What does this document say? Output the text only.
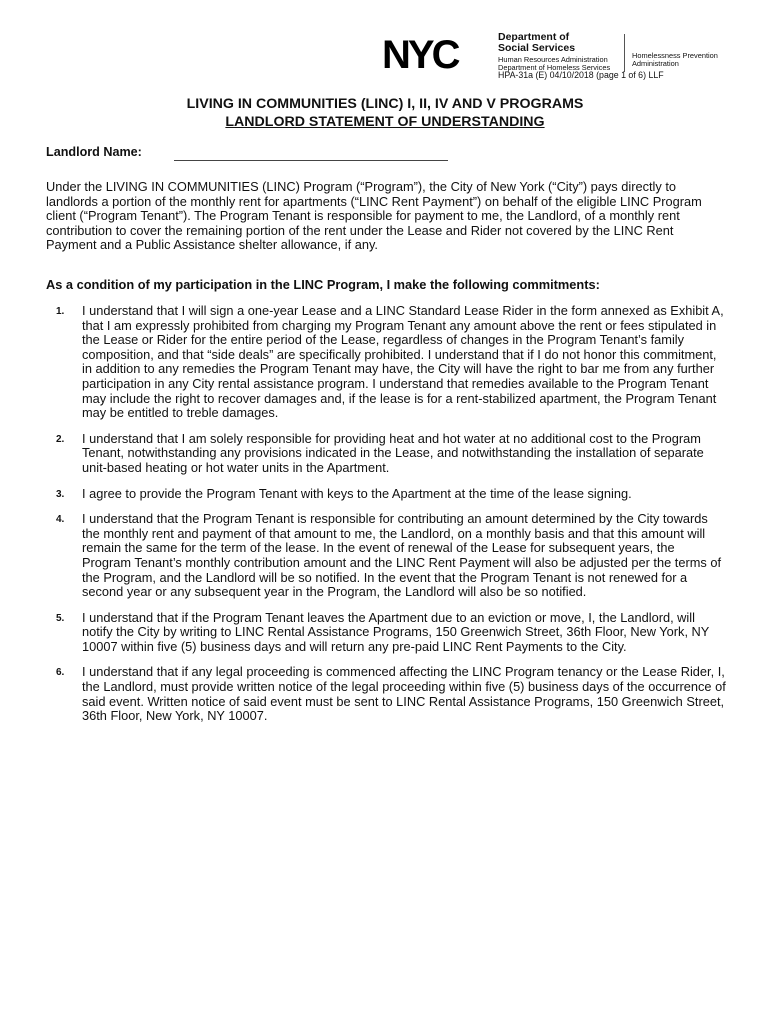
NYC	Department of
Social Services
Human Resources Administration
Department of Homeless Services
Homelessness Prevention
Administration
HPA-31a (E) 04/10/2018 (page 1 of 6) LLF
LIVING IN COMMUNITIES (LINC) I, II, IV AND V PROGRAMS
LANDLORD STATEMENT OF UNDERSTANDING
Landlord Name:
Under the LIVING IN COMMUNITIES (LINC) Program (“Program”), the City of New York (“City”) pays directly to landlords a portion of the monthly rent for apartments (“LINC Rent Payment”) on behalf of the eligible LINC Program client (“Program Tenant”). The Program Tenant is responsible for payment to me, the Landlord, of a monthly rent contribution to cover the remaining portion of the rent under the Lease and Rider not covered by the LINC Rent Payment and a Public Assistance shelter allowance, if any.
As a condition of my participation in the LINC Program, I make the following commitments:
1. I understand that I will sign a one-year Lease and a LINC Standard Lease Rider in the form annexed as Exhibit A, that I am expressly prohibited from charging my Program Tenant any amount above the rent or fees stipulated in the Lease or Rider for the entire period of the Lease, regardless of changes in the Program Tenant’s family composition, and that “side deals” are specifically prohibited. I understand that if I do not honor this commitment, in addition to any remedies the Program Tenant may have, the City will have the right to bar me from any further participation in any City rental assistance program. I understand that remedies available to the Program Tenant may include the right to recover damages and, if the lease is for a rent-stabilized apartment, the Program Tenant may be entitled to treble damages.
2. I understand that I am solely responsible for providing heat and hot water at no additional cost to the Program Tenant, notwithstanding any provisions indicated in the Lease, and notwithstanding the installation of separate unit-based heating or hot water units in the Apartment.
3. I agree to provide the Program Tenant with keys to the Apartment at the time of the lease signing.
4. I understand that the Program Tenant is responsible for contributing an amount determined by the City towards the monthly rent and payment of that amount to me, the Landlord, on a monthly basis and that this amount will remain the same for the term of the lease. In the event of renewal of the Lease for subsequent years, the Program Tenant’s monthly contribution amount and the LINC Rent Payment will also be adjusted per the terms of the Program, and the Landlord will be so notified. In the event that the Program Tenant is not renewed for a second year or any subsequent year in the Program, the Landlord will also be so notified.
5. I understand that if the Program Tenant leaves the Apartment due to an eviction or move, I, the Landlord, will notify the City by writing to LINC Rental Assistance Programs, 150 Greenwich Street, 36th Floor, New York, NY 10007 within five (5) business days and will return any pre-paid LINC Rent Payments to the City.
6. I understand that if any legal proceeding is commenced affecting the LINC Program tenancy or the Lease Rider, I, the Landlord, must provide written notice of the legal proceeding within five (5) business days of the occurrence of said event. Written notice of said event must be sent to LINC Rental Assistance Programs, 150 Greenwich Street, 36th Floor, New York, NY 10007.
